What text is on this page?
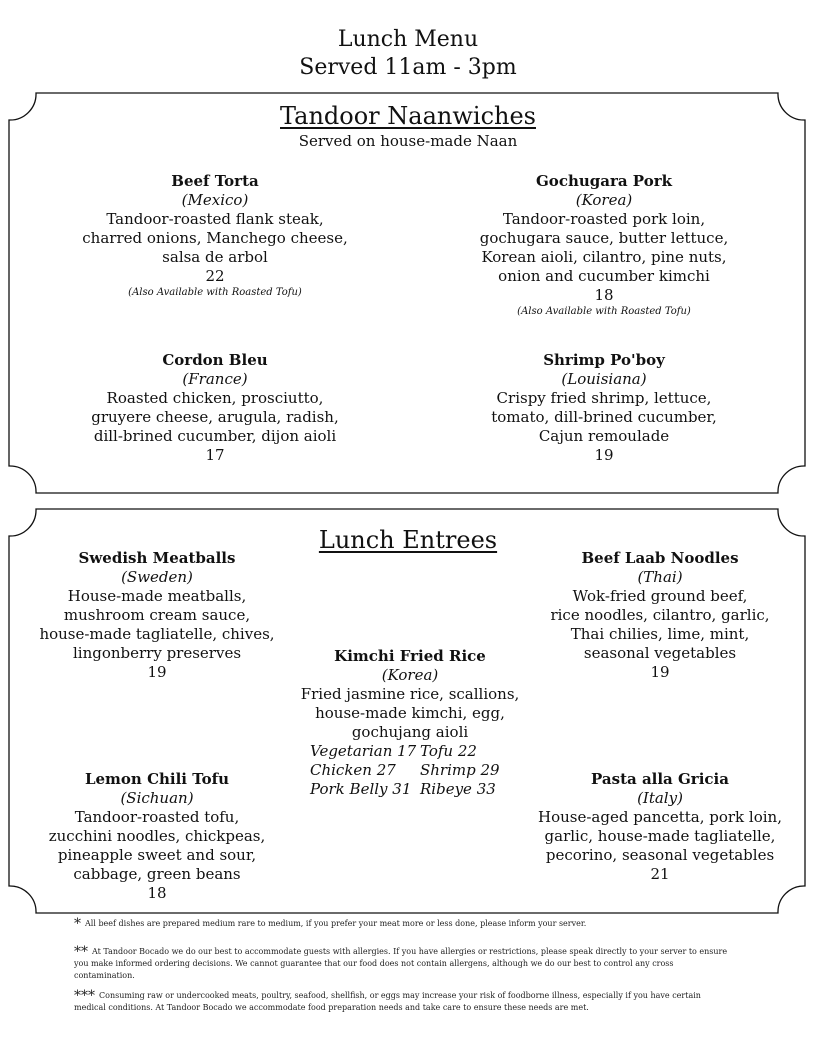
Lunch Menu
Served 11am - 3pm
Tandoor Naanwiches
Served on house-made Naan
Beef Torta
(Mexico)
Tandoor-roasted flank steak,
charred onions, Manchego cheese,
salsa de arbol
22
(Also Available with Roasted Tofu)
Gochugara Pork
(Korea)
Tandoor-roasted pork loin,
gochugara sauce, butter lettuce,
Korean aioli, cilantro, pine nuts,
onion and cucumber kimchi
18
(Also Available with Roasted Tofu)
Cordon Bleu
(France)
Roasted chicken, prosciutto,
gruyere cheese, arugula, radish,
dill-brined cucumber, dijon aioli
17
Shrimp Po'boy
(Louisiana)
Crispy fried shrimp, lettuce,
tomato, dill-brined cucumber,
Cajun remoulade
19
Lunch Entrees
Swedish Meatballs
(Sweden)
House-made meatballs,
mushroom cream sauce,
house-made tagliatelle, chives,
lingonberry preserves
19
Beef Laab Noodles
(Thai)
Wok-fried ground beef,
rice noodles, cilantro, garlic,
Thai chilies, lime, mint,
seasonal vegetables
19
Kimchi Fried Rice
(Korea)
Fried jasmine rice, scallions,
house-made kimchi, egg,
gochujang aioli
Vegetarian 17 Tofu 22
Chicken 27	Shrimp 29
Pork Belly 31 Ribeye 33
Lemon Chili Tofu
(Sichuan)
Tandoor-roasted tofu,
zucchini noodles, chickpeas,
pineapple sweet and sour,
cabbage, green beans
18
Pasta alla Gricia
(Italy)
House-aged pancetta, pork loin,
garlic, house-made tagliatelle,
pecorino, seasonal vegetables
21
* All beef dishes are prepared medium rare to medium, if you prefer your meat more or less done, please inform your server.
** At Tandoor Bocado we do our best to accommodate guests with allergies. If you have allergies or restrictions, please speak directly to your server to ensure you make informed ordering decisions. We cannot guarantee that our food does not contain allergens, although we do our best to control any cross contamination.
*** Consuming raw or undercooked meats, poultry, seafood, shellfish, or eggs may increase your risk of foodborne illness, especially if you have certain medical conditions. At Tandoor Bocado we accommodate food preparation needs and take care to ensure these needs are met.
